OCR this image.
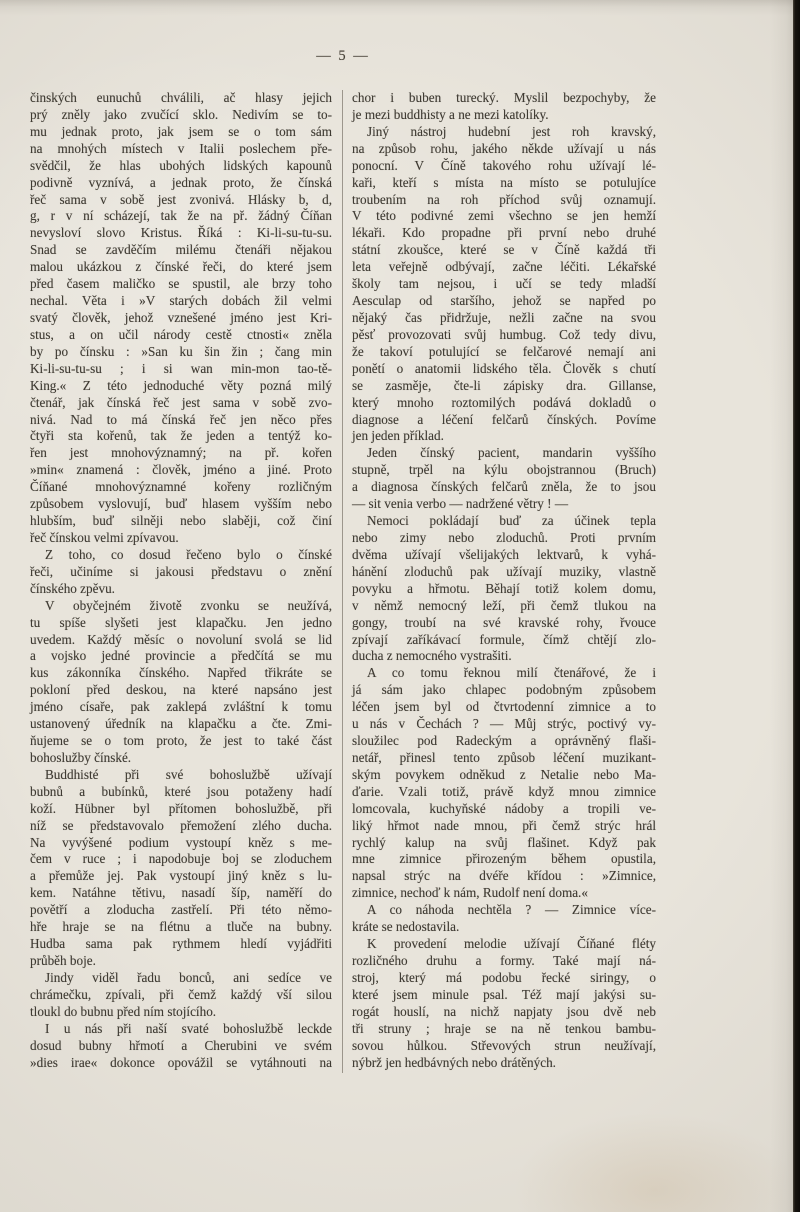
— 5 —
činských eunuchů chválili, ač hlasy jejich
prý zněly jako zvučící sklo. Nedivím se to-
mu jednak proto, jak jsem se o tom sám
na mnohých místech v Italii poslechem pře-
svědčil, že hlas ubohých lidských kapounů
podivně vyznívá, a jednak proto, že čínská
řeč sama v sobě jest zvonivá. Hlásky b, d,
g, r v ní scházejí, tak že na př. žádný Číňan
nevysloví slovo Kristus. Říká : Ki-li-su-tu-su.
Snad se zavděčím milému čtenáři nějakou
malou ukázkou z čínské řeči, do které jsem
před časem maličko se spustil, ale brzy toho
nechal. Věta i »V starých dobách žil velmi
svatý člověk, jehož vznešené jméno jest Kri-
stus, a on učil národy cestě ctnosti« zněla
by po čínsku : »San ku šin žin ; čang min
Ki-li-su-tu-su ; i si wan min-mon tao-tě-
King.« Z této jednoduché věty pozná milý
čtenář, jak čínská řeč jest sama v sobě zvo-
nivá. Nad to má čínská řeč jen něco přes
čtyři sta kořenů, tak že jeden a tentýž ko-
řen jest mnohovýznamný; na př. kořen
»min« znamená : člověk, jméno a jiné. Proto
Číňané mnohovýznamné kořeny rozličným
způsobem vyslovují, buď hlasem vyšším nebo
hlubším, buď silněji nebo slaběji, což činí
řeč čínskou velmi zpívavou.
Z toho, co dosud řečeno bylo o čínské
řeči, učiníme si jakousi představu o znění
čínského zpěvu.
V obyčejném životě zvonku se neužívá,
tu spíše slyšeti jest klapačku. Jen jedno
uvedem. Každý měsíc o novoluní svolá se lid
a vojsko jedné provincie a předčítá se mu
kus zákonníka čínského. Napřed třikráte se
pokloní před deskou, na které napsáno jest
jméno císaře, pak zaklepá zvláštní k tomu
ustanovený úředník na klapačku a čte. Zmi-
ňujeme se o tom proto, že jest to také část
bohoslužby čínské.
Buddhisté při své bohoslužbě užívají
bubnů a bubínků, které jsou potaženy hadí
koží. Hübner byl přítomen bohoslužbě, při
níž se představovalo přemožení zlého ducha.
Na vyvýšené podium vystoupí kněz s me-
čem v ruce ; i napodobuje boj se zloduchem
a přemůže jej. Pak vystoupí jiný kněz s lu-
kem. Natáhne tětivu, nasadí šíp, naměří do
povětří a zloducha zastřelí. Při této němo-
hře hraje se na flétnu a tluče na bubny.
Hudba sama pak rythmem hledí vyjádřiti
průběh boje.
Jindy viděl řadu bonců, ani sedíce ve
chrámečku, zpívali, při čemž každý vší silou
tloukl do bubnu před ním stojícího.
I u nás při naší svaté bohoslužbě leckde
dosud bubny hřmotí a Cherubini ve svém
»dies irae« dokonce opovážil se vytáhnouti na
chor i buben turecký. Myslil bezpochyby, že
je mezi buddhisty a ne mezi katolíky.
Jiný nástroj hudební jest roh kravský,
na způsob rohu, jakého někde užívají u nás
ponocní. V Číně takového rohu užívají lé-
kaři, kteří s místa na místo se potulujíce
troubením na roh příchod svůj oznamují.
V této podivné zemi všechno se jen hemží
lékaři. Kdo propadne při první nebo druhé
státní zkoušce, které se v Číně každá tři
leta veřejně odbývají, začne léčiti. Lékařské
školy tam nejsou, i učí se tedy mladší
Aesculap od staršího, jehož se napřed po
nějaký čas přidržuje, nežli začne na svou
pěsť provozovati svůj humbug. Což tedy divu,
že takoví potulující se felčarové nemají ani
ponětí o anatomii lidského těla. Člověk s chutí
se zasměje, čte-li zápisky dra. Gillanse,
který mnoho roztomilých podává dokladů o
diagnose a léčení felčarů čínských. Povíme
jen jeden příklad.
Jeden čínský pacient, mandarin vyššího
stupně, trpěl na kýlu obojstrannou (Bruch)
a diagnosa čínských felčarů zněla, že to jsou
— sit venia verbo — nadržené větry ! —
Nemoci pokládají buď za účinek tepla
nebo zimy nebo zloduchů. Proti prvním
dvěma užívají všelijakých lektvarů, k vyhá-
hánění zloduchů pak užívají muziky, vlastně
povyku a hřmotu. Běhají totiž kolem domu,
v němž nemocný leží, při čemž tlukou na
gongy, troubí na své kravské rohy, řvouce
zpívají zaříkávací formule, čímž chtějí zlo-
ducha z nemocného vystrašiti.
A co tomu řeknou milí čtenářové, že i
já sám jako chlapec podobným způsobem
léčen jsem byl od čtvrtodenní zimnice a to
u nás v Čechách ? — Můj strýc, poctivý vy-
sloužilec pod Radeckým a oprávněný flaši-
netář, přinesl tento způsob léčení muzikant-
ským povykem odněkud z Netalie nebo Ma-
ďarie. Vzali totiž, právě když mnou zimnice
lomcovala, kuchyňské nádoby a tropili ve-
liký hřmot nade mnou, při čemž strýc hrál
rychlý kalup na svůj flašinet. Když pak
mne zimnice přirozeným během opustila,
napsal strýc na dvéře křídou : »Zimnice,
zimnice, nechoď k nám, Rudolf není doma.«
A co náhoda nechtěla ? — Zimnice více-
kráte se nedostavila.
K provedení melodie užívají Číňané fléty
rozličného druhu a formy. Také mají ná-
stroj, který má podobu řecké siringy, o
které jsem minule psal. Též mají jakýsi su-
rogát houslí, na nichž napjaty jsou dvě neb
tři struny ; hraje se na ně tenkou bambu-
sovou hůlkou. Střevových strun neužívají,
nýbrž jen hedbávných nebo drátěných.
